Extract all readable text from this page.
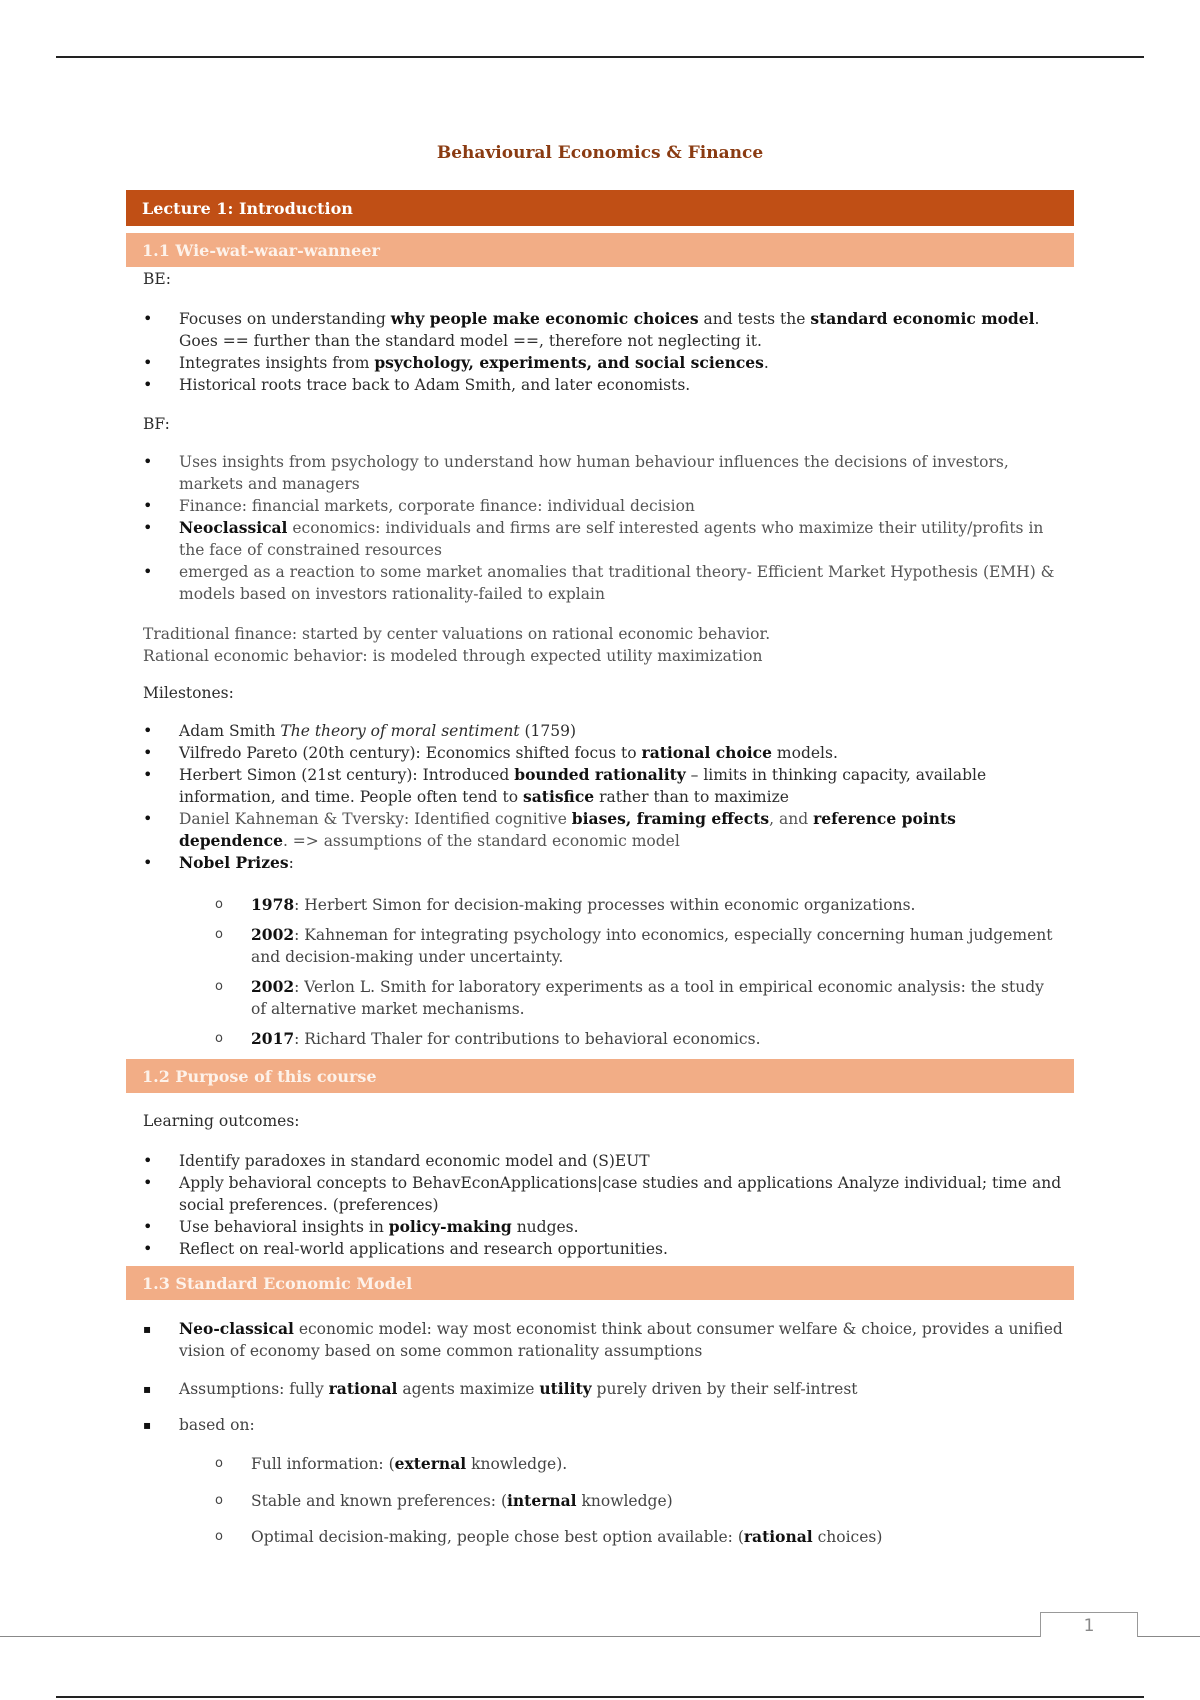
Behavioural Economics & Finance
Lecture 1: Introduction
1.1 Wie-wat-waar-wanneer
BE:
• Focuses on understanding why people make economic choices and tests the standard economic model. Goes == further than the standard model ==, therefore not neglecting it.
• Integrates insights from psychology, experiments, and social sciences.
• Historical roots trace back to Adam Smith, and later economists.
BF:
• Uses insights from psychology to understand how human behaviour influences the decisions of investors, markets and managers
• Finance: financial markets, corporate finance: individual decision
• Neoclassical economics: individuals and firms are self interested agents who maximize their utility/profits in the face of constrained resources
• emerged as a reaction to some market anomalies that traditional theory- Efficient Market Hypothesis (EMH) & models based on investors rationality-failed to explain
Traditional finance: started by center valuations on rational economic behavior.
Rational economic behavior: is modeled through expected utility maximization
Milestones:
• Adam Smith The theory of moral sentiment (1759)
• Vilfredo Pareto (20th century): Economics shifted focus to rational choice models.
• Herbert Simon (21st century): Introduced bounded rationality – limits in thinking capacity, available information, and time. People often tend to satisfice rather than to maximize
• Daniel Kahneman & Tversky: Identified cognitive biases, framing effects, and reference points dependence. => assumptions of the standard economic model
• Nobel Prizes:
o 1978: Herbert Simon for decision-making processes within economic organizations.
o 2002: Kahneman for integrating psychology into economics, especially concerning human judgement and decision-making under uncertainty.
o 2002: Verlon L. Smith for laboratory experiments as a tool in empirical economic analysis: the study of alternative market mechanisms.
o 2017: Richard Thaler for contributions to behavioral economics.
1.2 Purpose of this course
Learning outcomes:
• Identify paradoxes in standard economic model and (S)EUT
• Apply behavioral concepts to BehavEconApplications|case studies and applications Analyze individual; time and social preferences. (preferences)
• Use behavioral insights in policy-making nudges.
• Reflect on real-world applications and research opportunities.
1.3 Standard Economic Model
▪ Neo-classical economic model: way most economist think about consumer welfare & choice, provides a unified vision of economy based on some common rationality assumptions
▪ Assumptions: fully rational agents maximize utility purely driven by their self-intrest
▪ based on:
o Full information: (external knowledge).
o Stable and known preferences: (internal knowledge)
o Optimal decision-making, people chose best option available: (rational choices)
1
